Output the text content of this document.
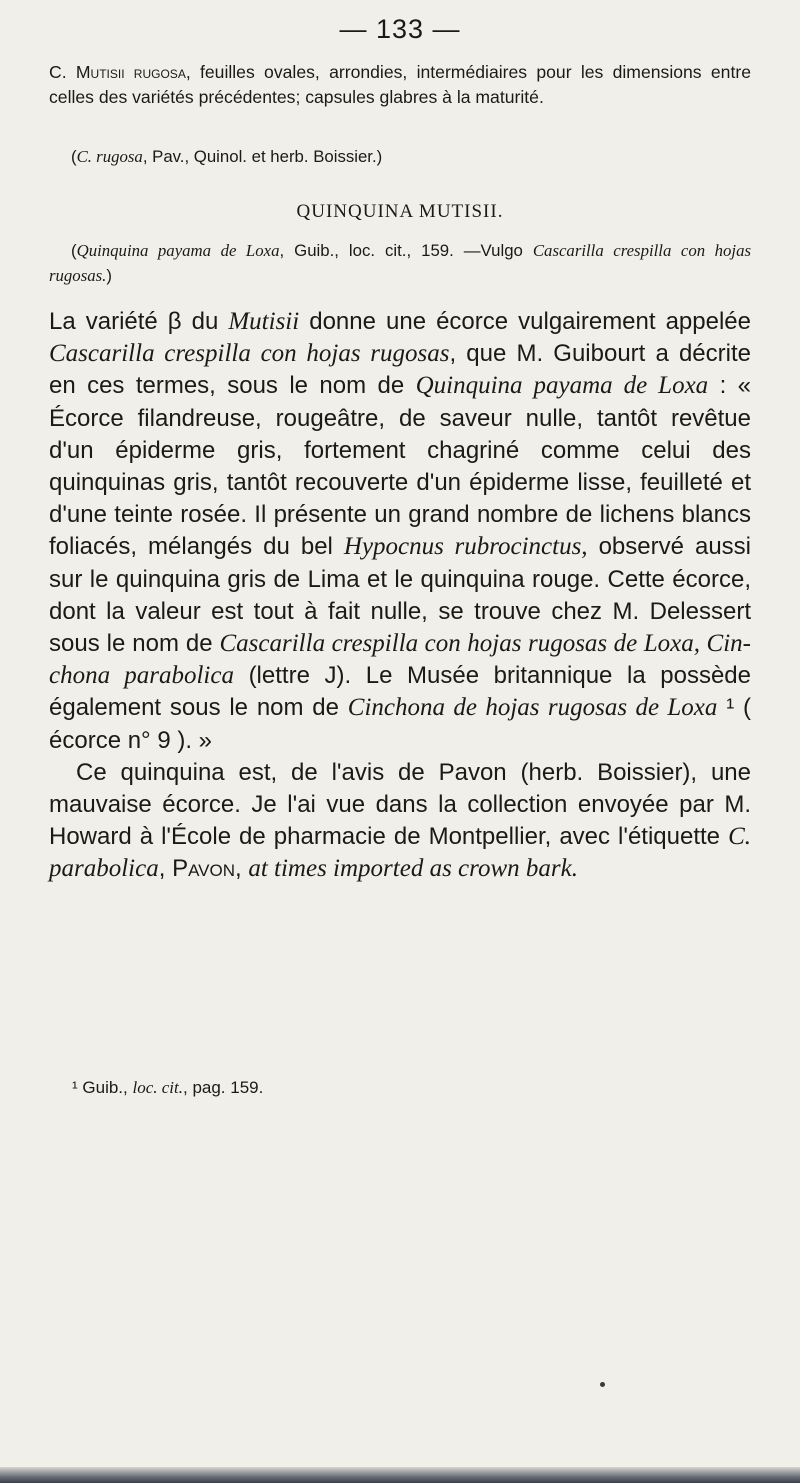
— 133 —

C. Mutisii rugosa, feuilles ovales, arrondies, intermédiaires pour les dimensions entre celles des variétés précédentes; capsules glabres à la maturité.

(C. rugosa, Pav., Quinol. et herb. Boissier.)
QUINQUINA MUTISII.

(Quinquina payama de Loxa, Guib., loc. cit., 159. —Vulgo Cascarilla crespilla con hojas rugosas.)

La variété β du Mutisii donne une écorce vulgairement appelée Cascarilla crespilla con hojas rugosas, que M. Guibourt a décrite en ces termes, sous le nom de Quinquina payama de Loxa : « Écorce filandreuse, rougeâtre, de saveur nulle, tantôt revêtue d'un épiderme gris, fortement chagriné comme celui des quinquinas gris, tantôt recouverte d'un épiderme lisse, feuilleté et d'une teinte rosée. Il présente un grand nombre de lichens blancs foliacés, mélangés du bel Hypocnus rubrocinctus, observé aussi sur le quinquina gris de Lima et le quinquina rouge. Cette écorce, dont la valeur est tout à fait nulle, se trouve chez M. Delessert sous le nom de Cascarilla crespilla con hojas rugosas de Loxa, Cinchona parabolica (lettre J). Le Musée britannique la possède également sous le nom de Cinchona de hojas rugosas de Loxa ¹ ( écorce n° 9 ). »

Ce quinquina est, de l'avis de Pavon (herb. Boissier), une mauvaise écorce. Je l'ai vue dans la collection envoyée par M. Howard à l'École de pharmacie de Montpellier, avec l'étiquette C. parabolica, Pavon, at times imported as crown bark.

¹ Guib., loc. cit., pag. 159.
